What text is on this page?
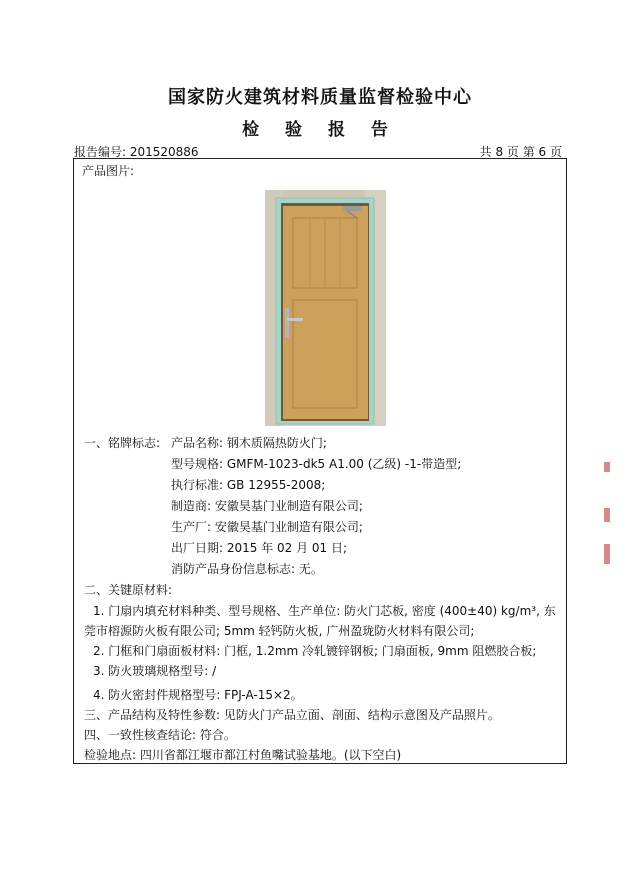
国家防火建筑材料质量监督检验中心
检 验 报 告
报告编号: 201520886	共 8 页 第 6 页
产品图片:
一、铭牌标志: 产品名称: 钢木质隔热防火门;
型号规格: GMFM-1023-dk5 A1.00 (乙级) -1-带造型;
执行标准: GB 12955-2008;
制造商: 安徽昊基门业制造有限公司;
生产厂: 安徽昊基门业制造有限公司;
出厂日期: 2015 年 02 月 01 日;
消防产品身份信息标志: 无。
二、关键原材料:
1. 门扇内填充材料种类、型号规格、生产单位: 防火门芯板, 密度 (400±40) kg/m³, 东
莞市榕源防火板有限公司; 5mm 轻钙防火板, 广州盈珑防火材料有限公司;
2. 门框和门扇面板材料: 门框, 1.2mm 冷轧镀锌钢板; 门扇面板, 9mm 阻燃胶合板;
3. 防火玻璃规格型号: /
4. 防火密封件规格型号: FPJ-A-15×2。
三、产品结构及特性参数: 见防火门产品立面、剖面、结构示意图及产品照片。
四、一致性核查结论: 符合。
检验地点: 四川省都江堰市都江村鱼嘴试验基地。(以下空白)
